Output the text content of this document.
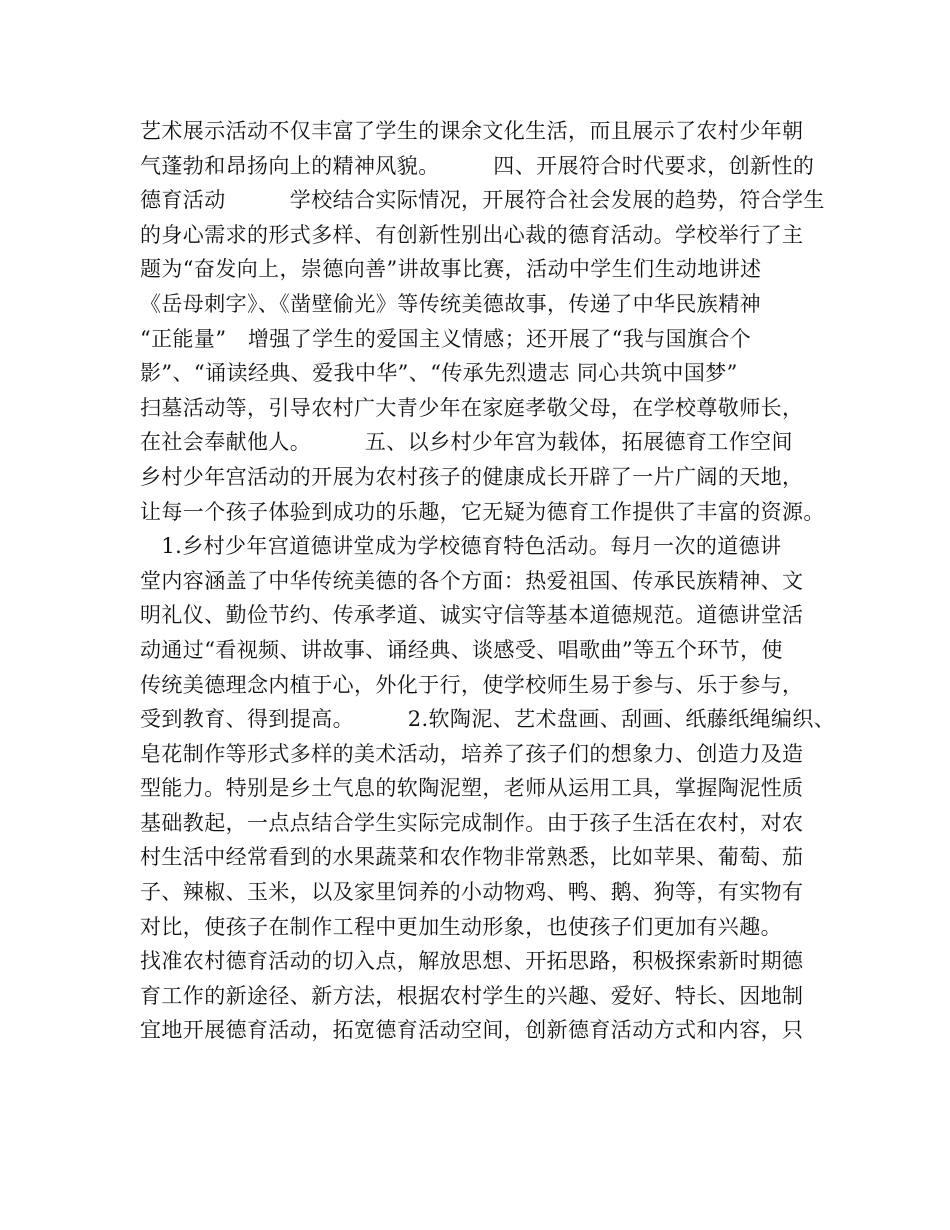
艺术展示活动不仅丰富了学生的课余文化生活，而且展示了农村少年朝
气蓬勃和昂扬向上的精神风貌。　　　四、开展符合时代要求，创新性的
德育活动　　　学校结合实际情况，开展符合社会发展的趋势，符合学生
的身心需求的形式多样、有创新性别出心裁的德育活动。学校举行了主
题为“奋发向上，崇德向善”讲故事比赛，活动中学生们生动地讲述
《岳母刺字》、《凿壁偷光》等传统美德故事，传递了中华民族精神
“正能量”　增强了学生的爱国主义情感；还开展了“我与国旗合个
影”、“诵读经典、爱我中华”、“传承先烈遗志 同心共筑中国梦”
扫墓活动等，引导农村广大青少年在家庭孝敬父母，在学校尊敬师长，
在社会奉献他人。　　　五、以乡村少年宫为载体，拓展德育工作空间
乡村少年宫活动的开展为农村孩子的健康成长开辟了一片广阔的天地，
让每一个孩子体验到成功的乐趣，它无疑为德育工作提供了丰富的资源。
　1.乡村少年宫道德讲堂成为学校德育特色活动。每月一次的道德讲
堂内容涵盖了中华传统美德的各个方面：热爱祖国、传承民族精神、文
明礼仪、勤俭节约、传承孝道、诚实守信等基本道德规范。道德讲堂活
动通过“看视频、讲故事、诵经典、谈感受、唱歌曲”等五个环节，使
传统美德理念内植于心，外化于行，使学校师生易于参与、乐于参与，
受到教育、得到提高。　　　2.软陶泥、艺术盘画、刮画、纸藤纸绳编织、
皂花制作等形式多样的美术活动，培养了孩子们的想象力、创造力及造
型能力。特别是乡土气息的软陶泥塑，老师从运用工具，掌握陶泥性质
基础教起，一点点结合学生实际完成制作。由于孩子生活在农村，对农
村生活中经常看到的水果蔬菜和农作物非常熟悉，比如苹果、葡萄、茄
子、辣椒、玉米，以及家里饲养的小动物鸡、鸭、鹅、狗等，有实物有
对比，使孩子在制作工程中更加生动形象，也使孩子们更加有兴趣。
找准农村德育活动的切入点，解放思想、开拓思路，积极探索新时期德
育工作的新途径、新方法，根据农村学生的兴趣、爱好、特长、因地制
宜地开展德育活动，拓宽德育活动空间，创新德育活动方式和内容，只
